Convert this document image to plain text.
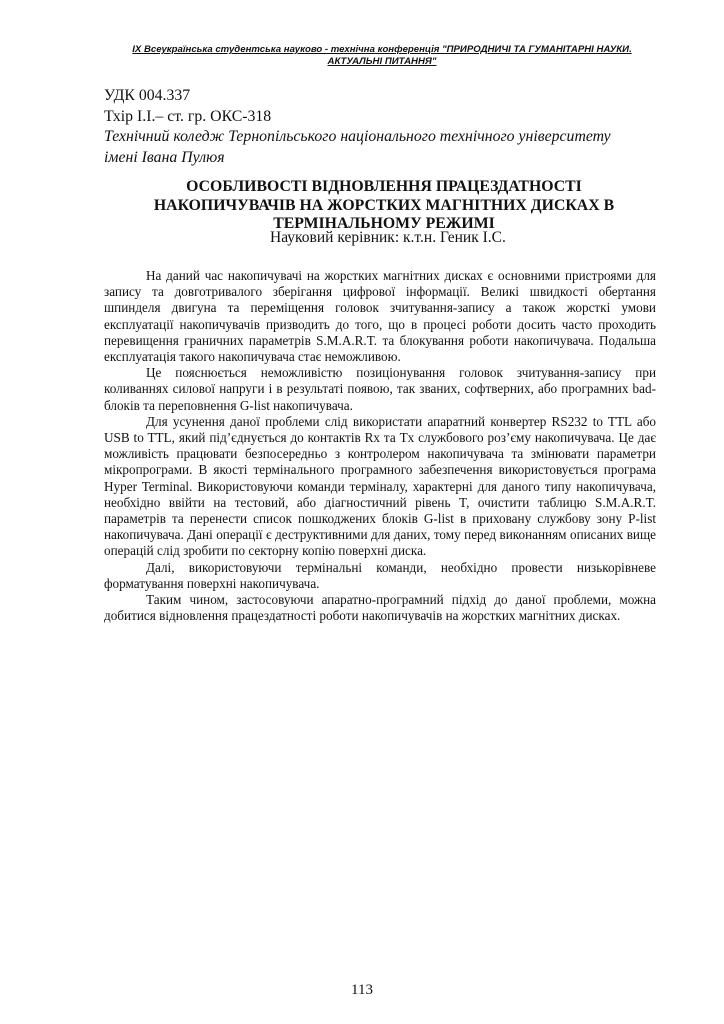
IX Всеукраїнська студентська науково - технічна конференція "ПРИРОДНИЧІ ТА ГУМАНІТАРНІ НАУКИ.
АКТУАЛЬНІ ПИТАННЯ"
УДК 004.337
Тхір І.І.– ст. гр. ОКС-318
Технічний коледж Тернопільського національного технічного університету
імені Івана Пулюя
ОСОБЛИВОСТІ ВІДНОВЛЕННЯ ПРАЦЕЗДАТНОСТІ
НАКОПИЧУВАЧІВ НА ЖОРСТКИХ МАГНІТНИХ ДИСКАХ В
ТЕРМІНАЛЬНОМУ РЕЖИМІ
Науковий керівник: к.т.н. Геник І.С.

На даний час накопичувачі на жорстких магнітних дисках є основними пристроями для запису та довготривалого зберігання цифрової інформації. Великі швидкості обертання шпинделя двигуна та переміщення головок зчитування-запису а також жорсткі умови експлуатації накопичувачів призводить до того, що в процесі роботи досить часто проходить перевищення граничних параметрів S.M.A.R.T. та блокування роботи накопичувача. Подальша експлуатація такого накопичувача стає неможливою.

Це пояснюється неможливістю позиціонування головок зчитування-запису при коливаннях силової напруги і в результаті появою, так званих, софтверних, або програмних bad-блоків та переповнення G-list накопичувача.

Для усунення даної проблеми слід використати апаратний конвертер RS232 to TTL або USB to TTL, який під’єднується до контактів Rx та Tx службового роз’єму накопичувача. Це дає можливість працювати безпосередньо з контролером накопичувача та змінювати параметри мікропрограми. В якості термінального програмного забезпечення використовується програма Hyper Terminal. Використовуючи команди терміналу, характерні для даного типу накопичувача, необхідно ввійти на тестовий, або діагностичний рівень T, очистити таблицю S.M.A.R.T. параметрів та перенести список пошкоджених блоків G-list в приховану службову зону P-list накопичувача. Дані операції є деструктивними для даних, тому перед виконанням описаних вище операцій слід зробити по секторну копію поверхні диска.

Далі, використовуючи термінальні команди, необхідно провести низькорівневе форматування поверхні накопичувача.

Таким чином, застосовуючи апаратно-програмний підхід до даної проблеми, можна добитися відновлення працездатності роботи накопичувачів на жорстких магнітних дисках.

113
